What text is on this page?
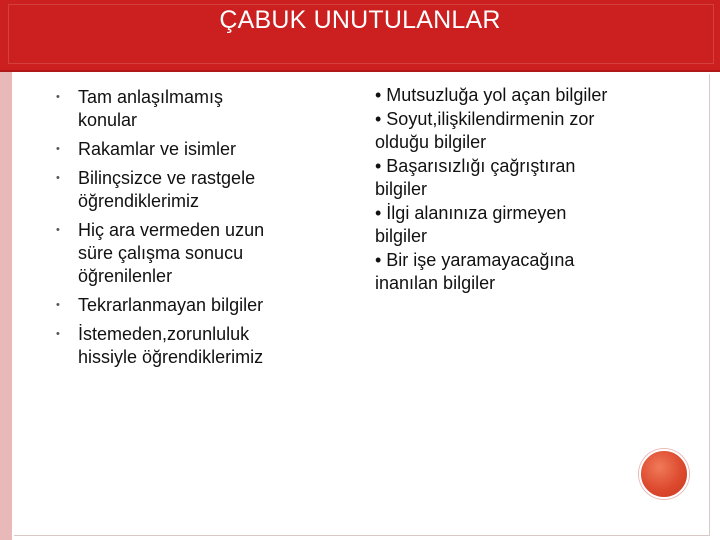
ÇABUK UNUTULANLAR
• Tam anlaşılmamış
konular
• Rakamlar ve isimler
• Bilinçsizce ve rastgele
öğrendiklerimiz
• Hiç ara vermeden uzun
süre çalışma sonucu
öğrenilenler
• Tekrarlanmayan bilgiler
• İstemeden,zorunluluk
hissiyle öğrendiklerimiz
• Mutsuzluğa yol açan bilgiler
• Soyut,ilişkilendirmenin zor
olduğu bilgiler
• Başarısızlığı çağrıştıran
bilgiler
• İlgi alanınıza girmeyen
bilgiler
• Bir işe yaramayacağına
inanılan bilgiler
